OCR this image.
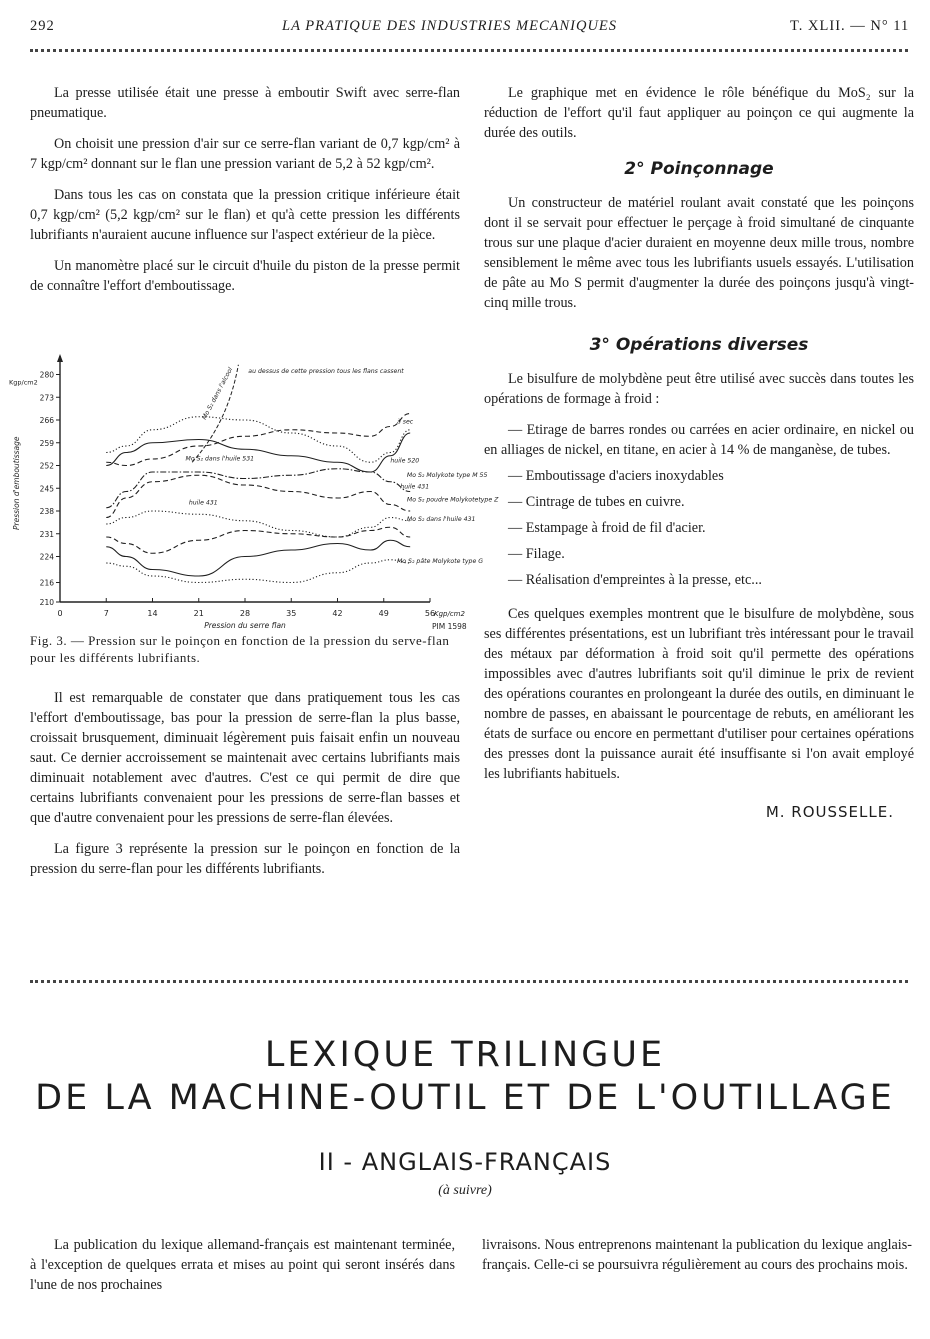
292	LA PRATIQUE DES INDUSTRIES MECANIQUES	T. XLII. — N° 11

La presse utilisée était une presse à emboutir Swift avec serre-flan pneumatique.

On choisit une pression d'air sur ce serre-flan variant de 0,7 kgp/cm² à 7 kgp/cm² donnant sur le flan une pression variant de 5,2 à 52 kgp/cm².

Dans tous les cas on constata que la pression critique inférieure était 0,7 kgp/cm² (5,2 kgp/cm² sur le flan) et qu'à cette pression les différents lubrifiants n'auraient aucune influence sur l'aspect extérieur de la pièce.

Un manomètre placé sur le circuit d'huile du piston de la presse permit de connaître l'effort d'emboutissage.

0	7	14	21	28	35	42	49	56
Kgp/cm2
Pression du serre flan	PIM 1598
210
216
224
231
238
245
252
259
266
273
280
Kgp/cm2
Pression d'emboutissage
au dessus de cette pression tous les flans cassent
Mo S₂ dans l'alcool
à sec
Mo S₂ dans l'huile 531	huile 520
Mo S₂ Molykote type M 55
huile 431
Mo S₂ poudre Molykotetype Z
huile 431
Mo S₂ dans l'huile 431
Mo S₂ pâte Molykote type G
Fig. 3. — Pression sur le poinçon en fonction de la pression du serve-flan pour les différents lubrifiants.

Il est remarquable de constater que dans pratiquement tous les cas l'effort d'emboutissage, bas pour la pression de serre-flan la plus basse, croissait brusquement, diminuait légèrement puis faisait enfin un nouveau saut. Ce dernier accroissement se maintenait avec certains lubrifiants mais diminuait notablement avec d'autres. C'est ce qui permit de dire que certains lubrifiants convenaient pour les pressions de serre-flan basses et que d'autre convenaient pour les pressions de serre-flan élevées.

La figure 3 représente la pression sur le poinçon en fonction de la pression du serre-flan pour les différents lubrifiants.

Le graphique met en évidence le rôle bénéfique du MoS₂ sur la réduction de l'effort qu'il faut appliquer au poinçon ce qui augmente la durée des outils.

2° Poinçonnage

Un constructeur de matériel roulant avait constaté que les poinçons dont il se servait pour effectuer le perçage à froid simultané de cinquante trous sur une plaque d'acier duraient en moyenne deux mille trous, nombre sensiblement le même avec tous les lubrifiants usuels essayés. L'utilisation de pâte au Mo S permit d'augmenter la durée des poinçons jusqu'à vingt-cinq mille trous.

3° Opérations diverses

Le bisulfure de molybdène peut être utilisé avec succès dans toutes les opérations de formage à froid :

— Etirage de barres rondes ou carrées en acier ordinaire, en nickel ou en alliages de nickel, en titane, en acier à 14 % de manganèse, de tubes.
— Emboutissage d'aciers inoxydables
— Cintrage de tubes en cuivre.
— Estampage à froid de fil d'acier.
— Filage.
— Réalisation d'empreintes à la presse, etc...

Ces quelques exemples montrent que le bisulfure de molybdène, sous ses différentes présentations, est un lubrifiant très intéressant pour le travail des métaux par déformation à froid soit qu'il permette des opérations impossibles avec d'autres lubrifiants soit qu'il diminue le prix de revient des opérations courantes en prolongeant la durée des outils, en diminuant le nombre de passes, en abaissant le pourcentage de rebuts, en améliorant les états de surface ou encore en permettant d'utiliser pour certaines opérations des presses dont la puissance aurait été insuffisante si l'on avait employé les lubrifiants habituels.

M. ROUSSELLE.
LEXIQUE TRILINGUE
DE LA MACHINE-OUTIL ET DE L'OUTILLAGE
II - ANGLAIS-FRANÇAIS
(à suivre)

La publication du lexique allemand-français est maintenant terminée, à l'exception de quelques errata et mises au point qui seront insérés dans l'une de nos prochaines

livraisons. Nous entreprenons maintenant la publication du lexique anglais-français. Celle-ci se poursuivra régulièrement au cours des prochains mois.
